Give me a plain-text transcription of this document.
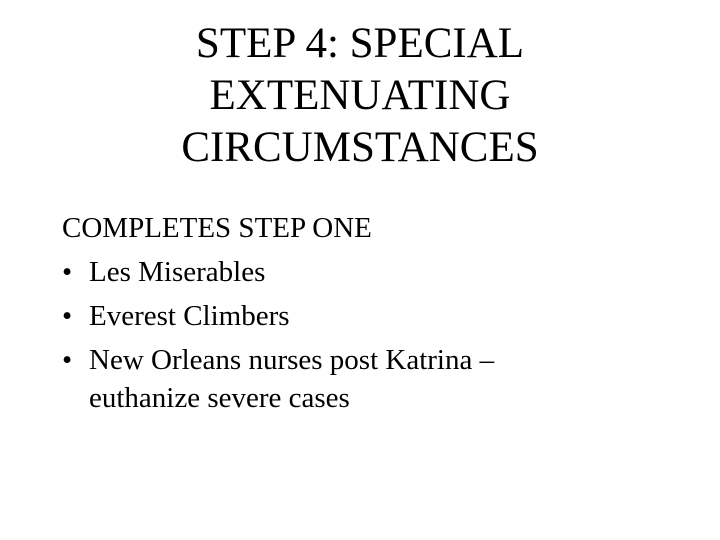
STEP 4: SPECIAL
EXTENUATING
CIRCUMSTANCES
COMPLETES STEP ONE
• Les Miserables
• Everest Climbers
• New Orleans nurses post Katrina –
euthanize severe cases
